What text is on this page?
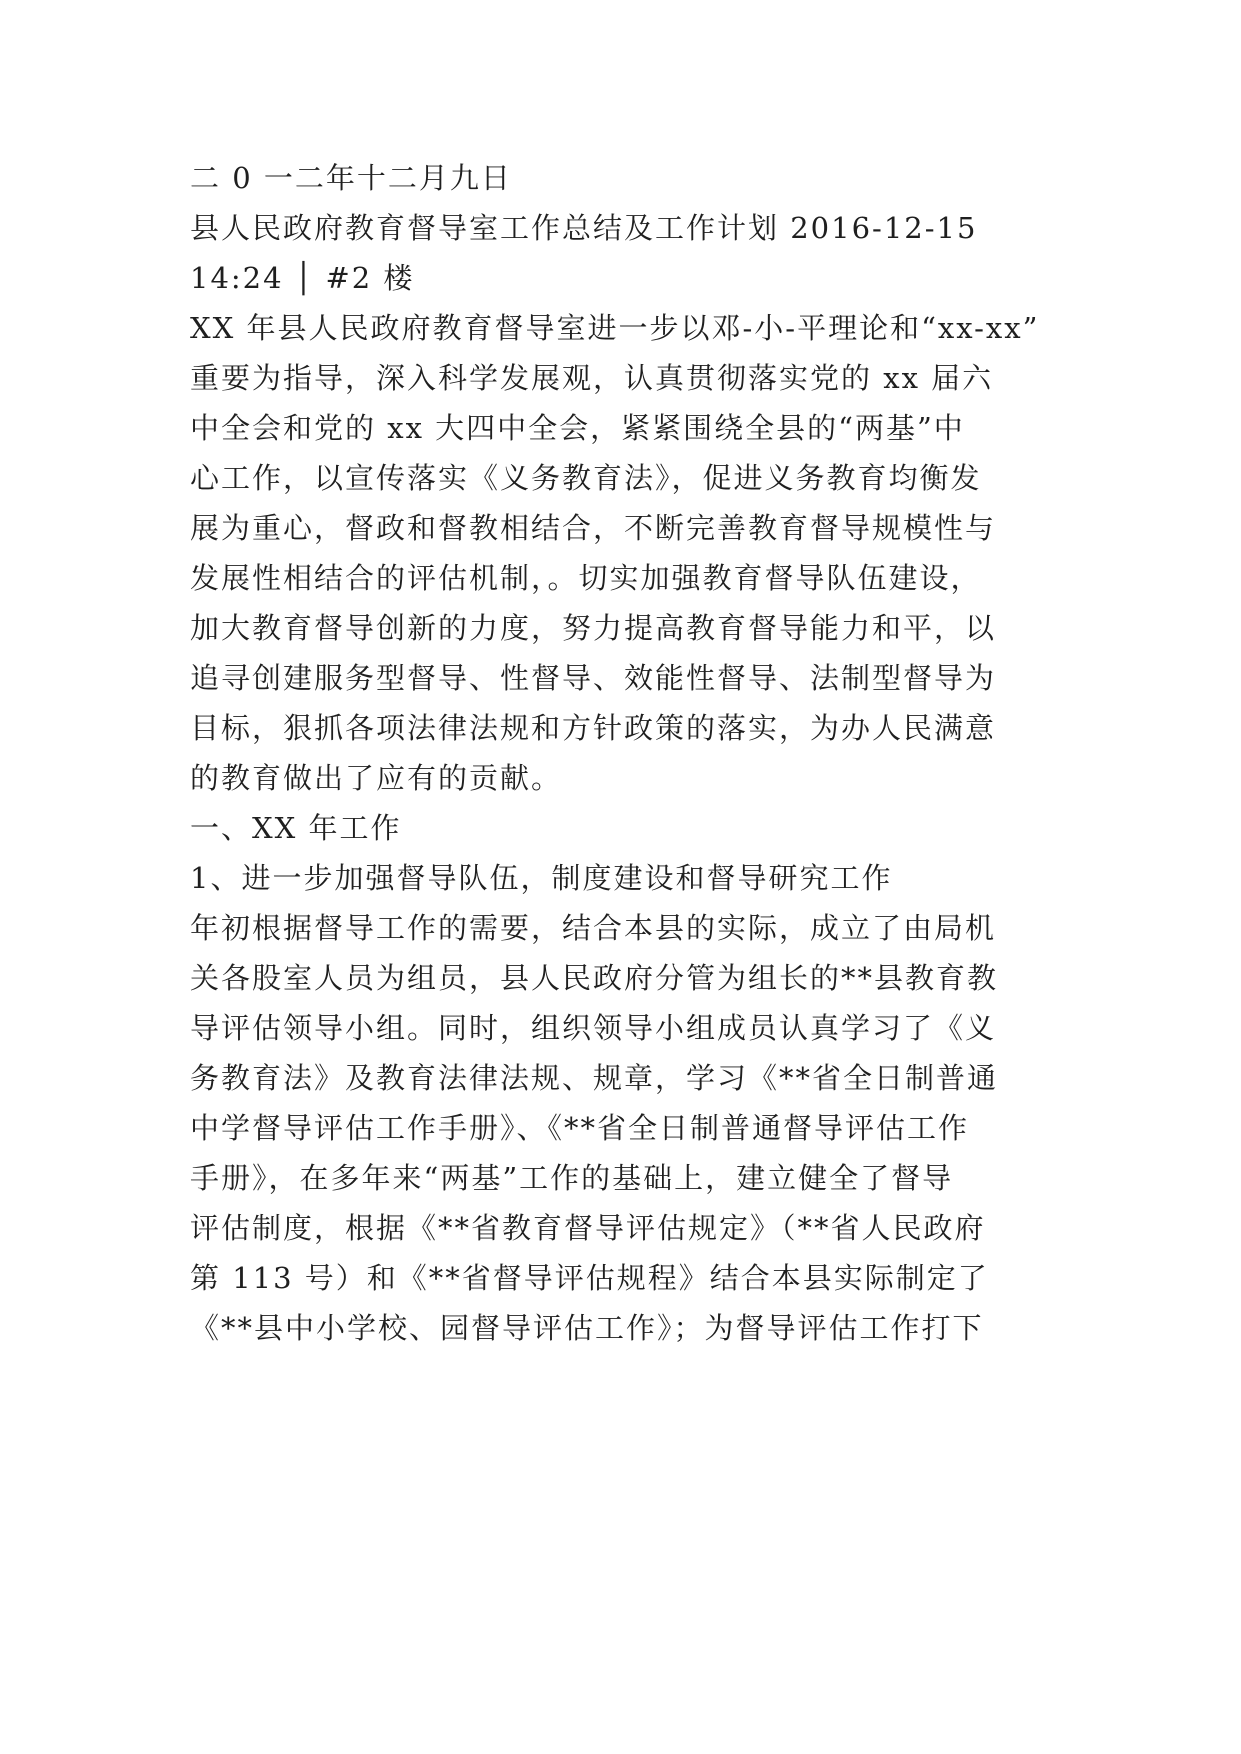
二 0 一二年十二月九日
县人民政府教育督导室工作总结及工作计划 2016-12-15
14:24 │ #2 楼
XX 年县人民政府教育督导室进一步以邓-小-平理论和“xx-xx”
重要为指导，深入科学发展观，认真贯彻落实党的 xx 届六
中全会和党的 xx 大四中全会，紧紧围绕全县的“两基”中
心工作，以宣传落实《义务教育法》，促进义务教育均衡发
展为重心，督政和督教相结合，不断完善教育督导规模性与
发展性相结合的评估机制，。切实加强教育督导队伍建设，
加大教育督导创新的力度，努力提高教育督导能力和平，以
追寻创建服务型督导、性督导、效能性督导、法制型督导为
目标，狠抓各项法律法规和方针政策的落实，为办人民满意
的教育做出了应有的贡献。
一、XX 年工作
1、进一步加强督导队伍，制度建设和督导研究工作
年初根据督导工作的需要，结合本县的实际，成立了由局机
关各股室人员为组员，县人民政府分管为组长的**县教育教
导评估领导小组。同时，组织领导小组成员认真学习了《义
务教育法》及教育法律法规、规章，学习《**省全日制普通
中学督导评估工作手册》、《**省全日制普通督导评估工作
手册》，在多年来“两基”工作的基础上，建立健全了督导
评估制度，根据《**省教育督导评估规定》（**省人民政府
第 113 号）和《**省督导评估规程》结合本县实际制定了
《**县中小学校、园督导评估工作》；为督导评估工作打下
